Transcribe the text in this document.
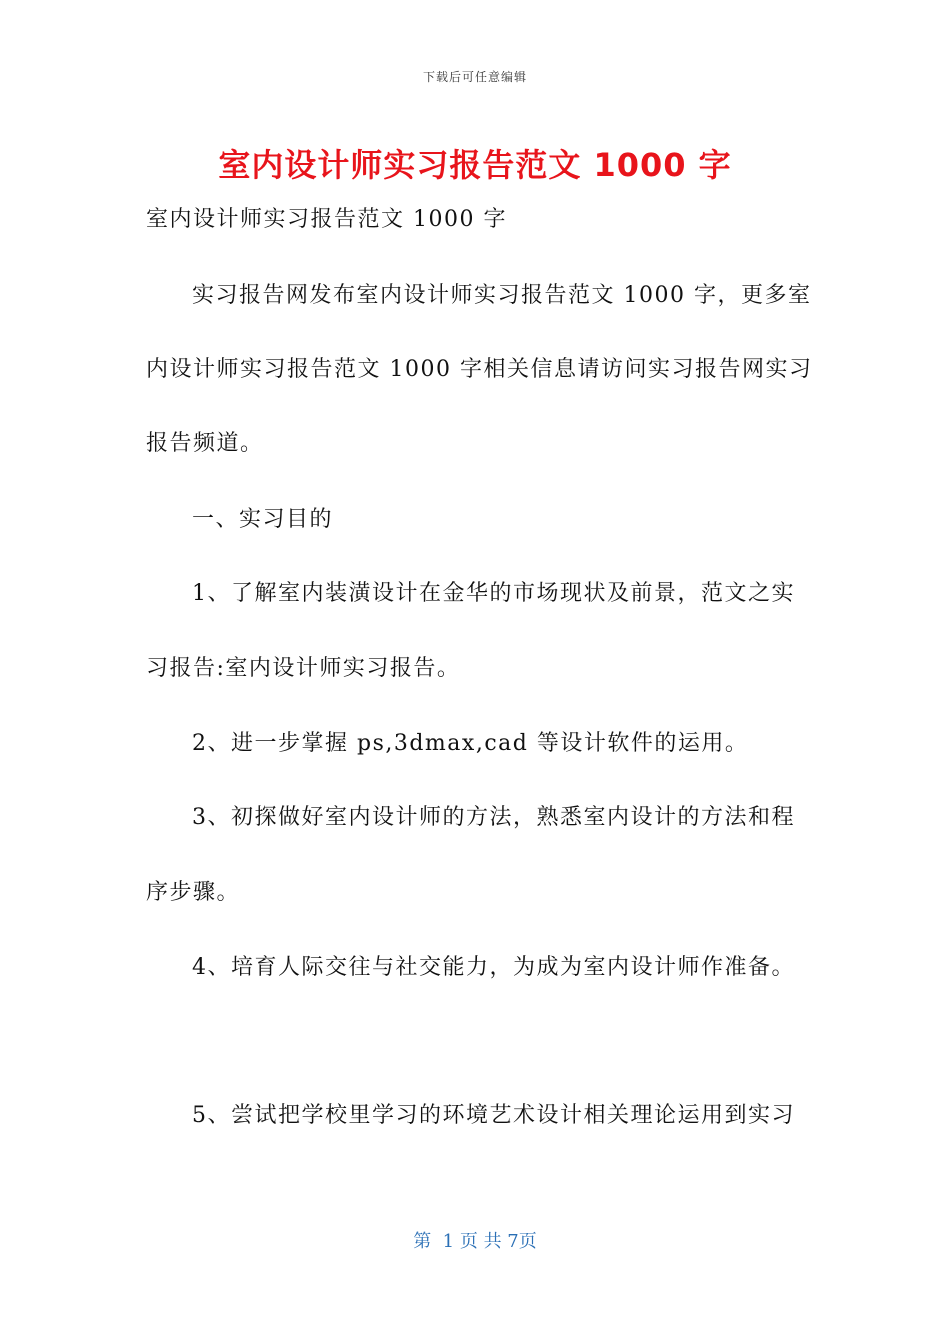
下载后可任意编辑
室内设计师实习报告范文 1000 字
室内设计师实习报告范文 1000 字
实习报告网发布室内设计师实习报告范文 1000 字，更多室
内设计师实习报告范文 1000 字相关信息请访问实习报告网实习
报告频道。
一、实习目的
1、了解室内装潢设计在金华的市场现状及前景，范文之实
习报告:室内设计师实习报告。
2、进一步掌握 ps,3dmax,cad 等设计软件的运用。
3、初探做好室内设计师的方法，熟悉室内设计的方法和程
序步骤。
4、培育人际交往与社交能力，为成为室内设计师作准备。
5、尝试把学校里学习的环境艺术设计相关理论运用到实习
第  1 页 共 7页
